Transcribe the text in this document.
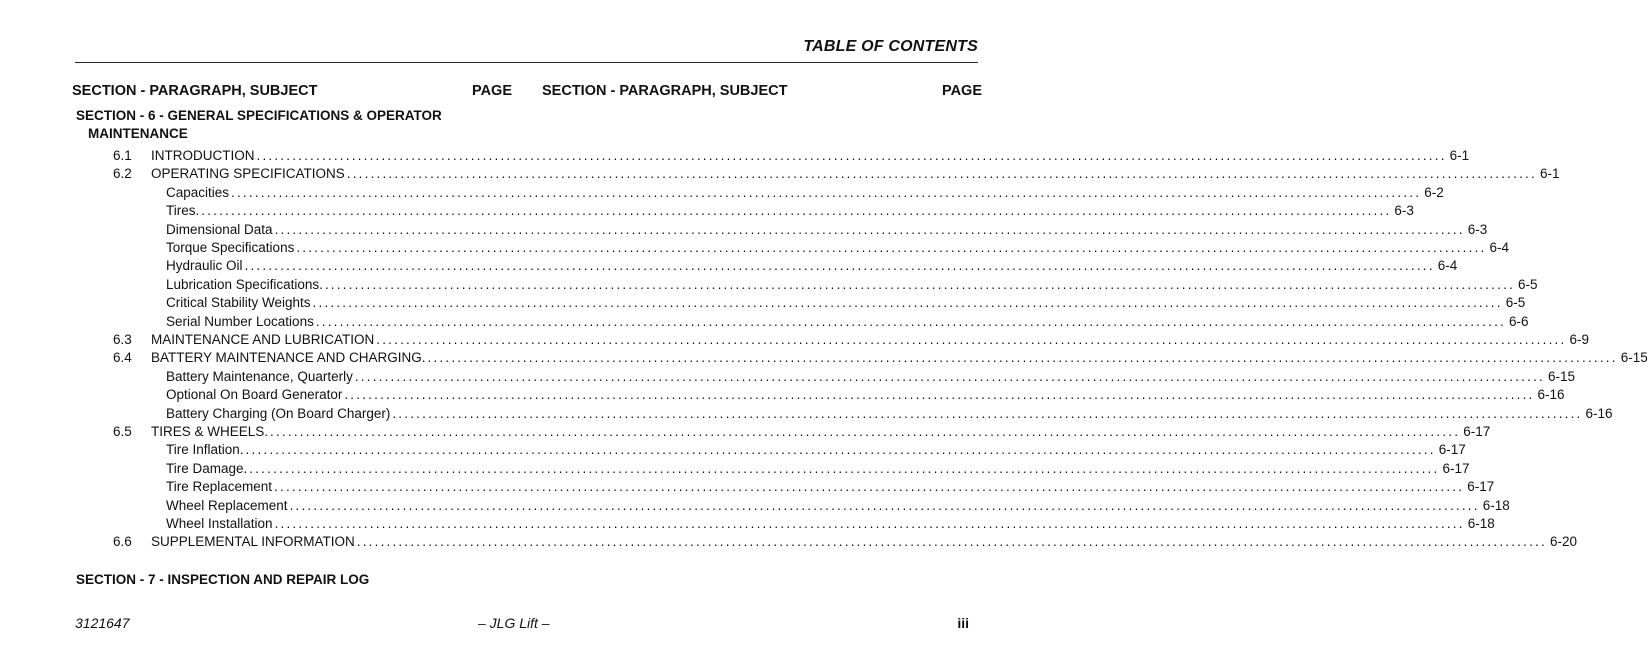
TABLE OF CONTENTS
SECTION - PARAGRAPH, SUBJECT	PAGE SECTION - PARAGRAPH, SUBJECT	PAGE
SECTION - 6 - GENERAL SPECIFICATIONS & OPERATOR
MAINTENANCE
6.1 INTRODUCTION ........................................................................................................................................................................................................ 6-1
6.2 OPERATING SPECIFICATIONS ........................................................................................................................................................................................................ 6-1
Capacities ........................................................................................................................................................................................................ 6-2
Tires. ........................................................................................................................................................................................................ 6-3
Dimensional Data ........................................................................................................................................................................................................ 6-3
Torque Specifications ........................................................................................................................................................................................................ 6-4
Hydraulic Oil ........................................................................................................................................................................................................ 6-4
Lubrication Specifications. ........................................................................................................................................................................................................ 6-5
Critical Stability Weights ........................................................................................................................................................................................................ 6-5
Serial Number Locations ........................................................................................................................................................................................................ 6-6
6.3 MAINTENANCE AND LUBRICATION ........................................................................................................................................................................................................ 6-9
6.4 BATTERY MAINTENANCE AND CHARGING. ........................................................................................................................................................................................................ 6-15
Battery Maintenance, Quarterly ........................................................................................................................................................................................................ 6-15
Optional On Board Generator ........................................................................................................................................................................................................ 6-16
Battery Charging (On Board Charger) ........................................................................................................................................................................................................ 6-16
6.5 TIRES & WHEELS. ........................................................................................................................................................................................................ 6-17
Tire Inflation. ........................................................................................................................................................................................................ 6-17
Tire Damage. ........................................................................................................................................................................................................ 6-17
Tire Replacement ........................................................................................................................................................................................................ 6-17
Wheel Replacement ........................................................................................................................................................................................................ 6-18
Wheel Installation ........................................................................................................................................................................................................ 6-18
6.6 SUPPLEMENTAL INFORMATION ........................................................................................................................................................................................................ 6-20
SECTION - 7 - INSPECTION AND REPAIR LOG
3121647	– JLG Lift –	iii
